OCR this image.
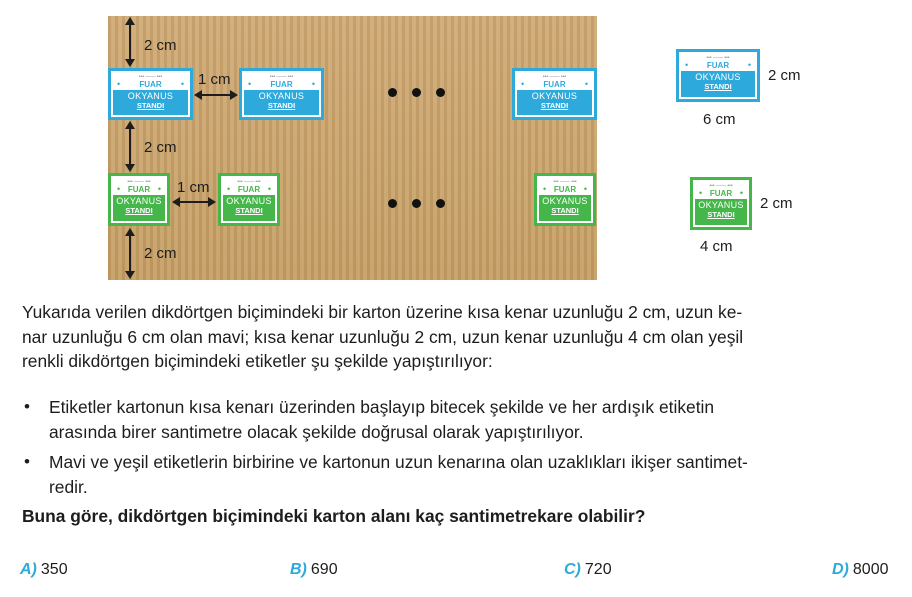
••• —— •••
•	FUAR	•
OKYANUS
STANDI
••• —— •••
•	FUAR	•
OKYANUS
STANDI
••• —— •••
•	FUAR	•
OKYANUS
STANDI
••• —— •••
• FUAR •
OKYANUS
STANDI
••• —— •••
• FUAR •
OKYANUS
STANDI
••• —— •••
• FUAR •
OKYANUS
STANDI
2 cm
2 cm
2 cm
1 cm
1 cm
••• —— •••
•	FUAR	•
OKYANUS
STANDI
2 cm
6 cm
••• —— •••
• FUAR •
OKYANUS
STANDI
2 cm
4 cm
Yukarıda verilen dikdörtgen biçimindeki bir karton üzerine kısa kenar uzunluğu 2 cm, uzun ke-
nar uzunluğu 6 cm olan mavi; kısa kenar uzunluğu 2 cm, uzun kenar uzunluğu 4 cm olan yeşil
renkli dikdörtgen biçimindeki etiketler şu şekilde yapıştırılıyor:
• Etiketler kartonun kısa kenarı üzerinden başlayıp bitecek şekilde ve her ardışık etiketin
arasında birer santimetre olacak şekilde doğrusal olarak yapıştırılıyor.
• Mavi ve yeşil etiketlerin birbirine ve kartonun uzun kenarına olan uzaklıkları ikişer santimet-
redir.
Buna göre, dikdörtgen biçimindeki karton alanı kaç santimetrekare olabilir?
A) 350	B) 690	C) 720	D) 8000
